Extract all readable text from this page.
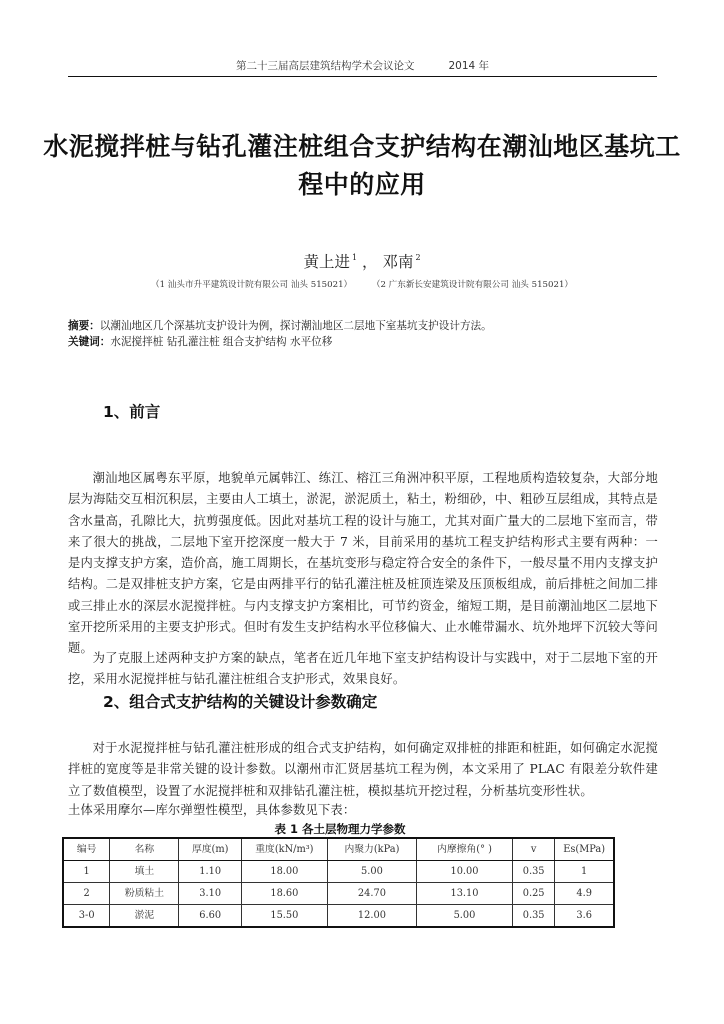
第二十三届高层建筑结构学术会议论文	2014 年
水泥搅拌桩与钻孔灌注桩组合支护结构在潮汕地区基坑工程中的应用
黄上进 $^1$ ， 邓南 $^2$
（1 汕头市升平建筑设计院有限公司 汕头 515021）	（2 广东新长安建筑设计院有限公司 汕头 515021）
摘要：以潮汕地区几个深基坑支护设计为例，探讨潮汕地区二层地下室基坑支护设计方法。
关键词：水泥搅拌桩 钻孔灌注桩 组合支护结构 水平位移
1、前言

潮汕地区属粤东平原，地貌单元属韩江、练江、榕江三角洲冲积平原，工程地质构造较复杂，大部分地层为海陆交互相沉积层，主要由人工填土，淤泥，淤泥质土，粘土，粉细砂，中、粗砂互层组成，其特点是含水量高，孔隙比大，抗剪强度低。因此对基坑工程的设计与施工，尤其对面广量大的二层地下室而言，带来了很大的挑战，二层地下室开挖深度一般大于 7 米，目前采用的基坑工程支护结构形式主要有两种：一是内支撑支护方案，造价高，施工周期长，在基坑变形与稳定符合安全的条件下，一般尽量不用内支撑支护结构。二是双排桩支护方案，它是由两排平行的钻孔灌注桩及桩顶连梁及压顶板组成，前后排桩之间加二排或三排止水的深层水泥搅拌桩。与内支撑支护方案相比，可节约资金，缩短工期，是目前潮汕地区二层地下室开挖所采用的主要支护形式。但时有发生支护结构水平位移偏大、止水帷带漏水、坑外地坪下沉较大等问题。

为了克服上述两种支护方案的缺点，笔者在近几年地下室支护结构设计与实践中，对于二层地下室的开挖，采用水泥搅拌桩与钻孔灌注桩组合支护形式，效果良好。

2、组合式支护结构的关键设计参数确定

对于水泥搅拌桩与钻孔灌注桩形成的组合式支护结构，如何确定双排桩的排距和桩距，如何确定水泥搅拌桩的宽度等是非常关键的设计参数。以潮州市汇贤居基坑工程为例，本文采用了 PLAC 有限差分软件建立了数值模型，设置了水泥搅拌桩和双排钻孔灌注桩，模拟基坑开挖过程，分析基坑变形性状。

土体采用摩尔—库尔弹塑性模型，具体参数见下表：

表 1 各土层物理力学参数
编号	名称	厚度(m)	重度(kN/m³)	内聚力(kPa)	内摩擦角(° )	v	Es(MPa)
1	填土	1.10	18.00	5.00	10.00	0.35	1
2	粉质粘土	3.10	18.60	24.70	13.10	0.25	4.9
3-0	淤泥	6.60	15.50	12.00	5.00	0.35	3.6
